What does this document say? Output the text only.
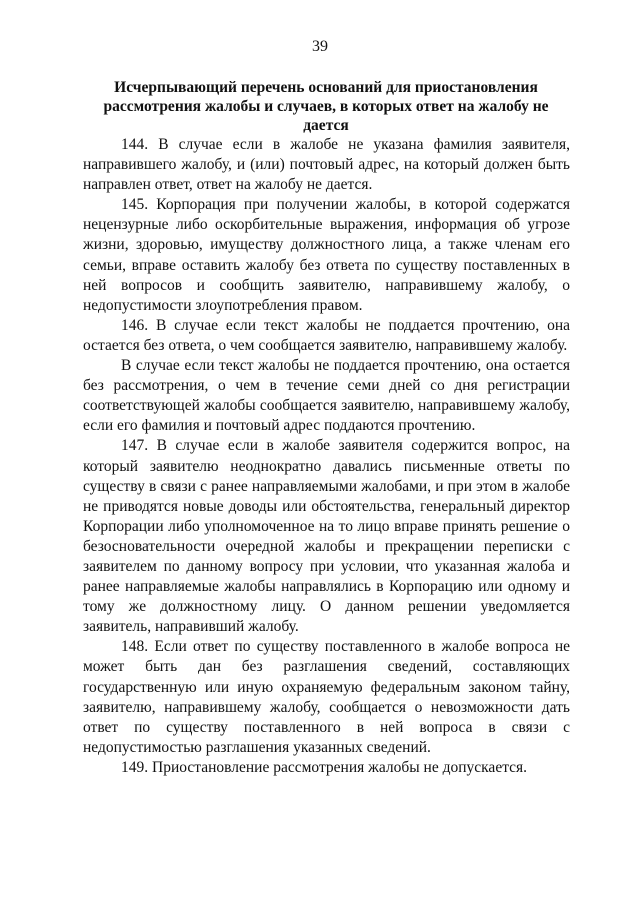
39
Исчерпывающий перечень оснований для приостановления
рассмотрения жалобы и случаев, в которых ответ на жалобу не дается

144. В случае если в жалобе не указана фамилия заявителя, направившего жалобу, и (или) почтовый адрес, на который должен быть направлен ответ, ответ на жалобу не дается.

145. Корпорация при получении жалобы, в которой содержатся нецензурные либо оскорбительные выражения, информация об угрозе жизни, здоровью, имуществу должностного лица, а также членам его семьи, вправе оставить жалобу без ответа по существу поставленных в ней вопросов и сообщить заявителю, направившему жалобу, о недопустимости злоупотребления правом.

146. В случае если текст жалобы не поддается прочтению, она остается без ответа, о чем сообщается заявителю, направившему жалобу.

В случае если текст жалобы не поддается прочтению, она остается без рассмотрения, о чем в течение семи дней со дня регистрации соответствующей жалобы сообщается заявителю, направившему жалобу, если его фамилия и почтовый адрес поддаются прочтению.

147. В случае если в жалобе заявителя содержится вопрос, на который заявителю неоднократно давались письменные ответы по существу в связи с ранее направляемыми жалобами, и при этом в жалобе не приводятся новые доводы или обстоятельства, генеральный директор Корпорации либо уполномоченное на то лицо вправе принять решение о безосновательности очередной жалобы и прекращении переписки с заявителем по данному вопросу при условии, что указанная жалоба и ранее направляемые жалобы направлялись в Корпорацию или одному и тому же должностному лицу. О данном решении уведомляется заявитель, направивший жалобу.

148. Если ответ по существу поставленного в жалобе вопроса не может быть дан без разглашения сведений, составляющих государственную или иную охраняемую федеральным законом тайну, заявителю, направившему жалобу, сообщается о невозможности дать ответ по существу поставленного в ней вопроса в связи с недопустимостью разглашения указанных сведений.

149. Приостановление рассмотрения жалобы не допускается.
